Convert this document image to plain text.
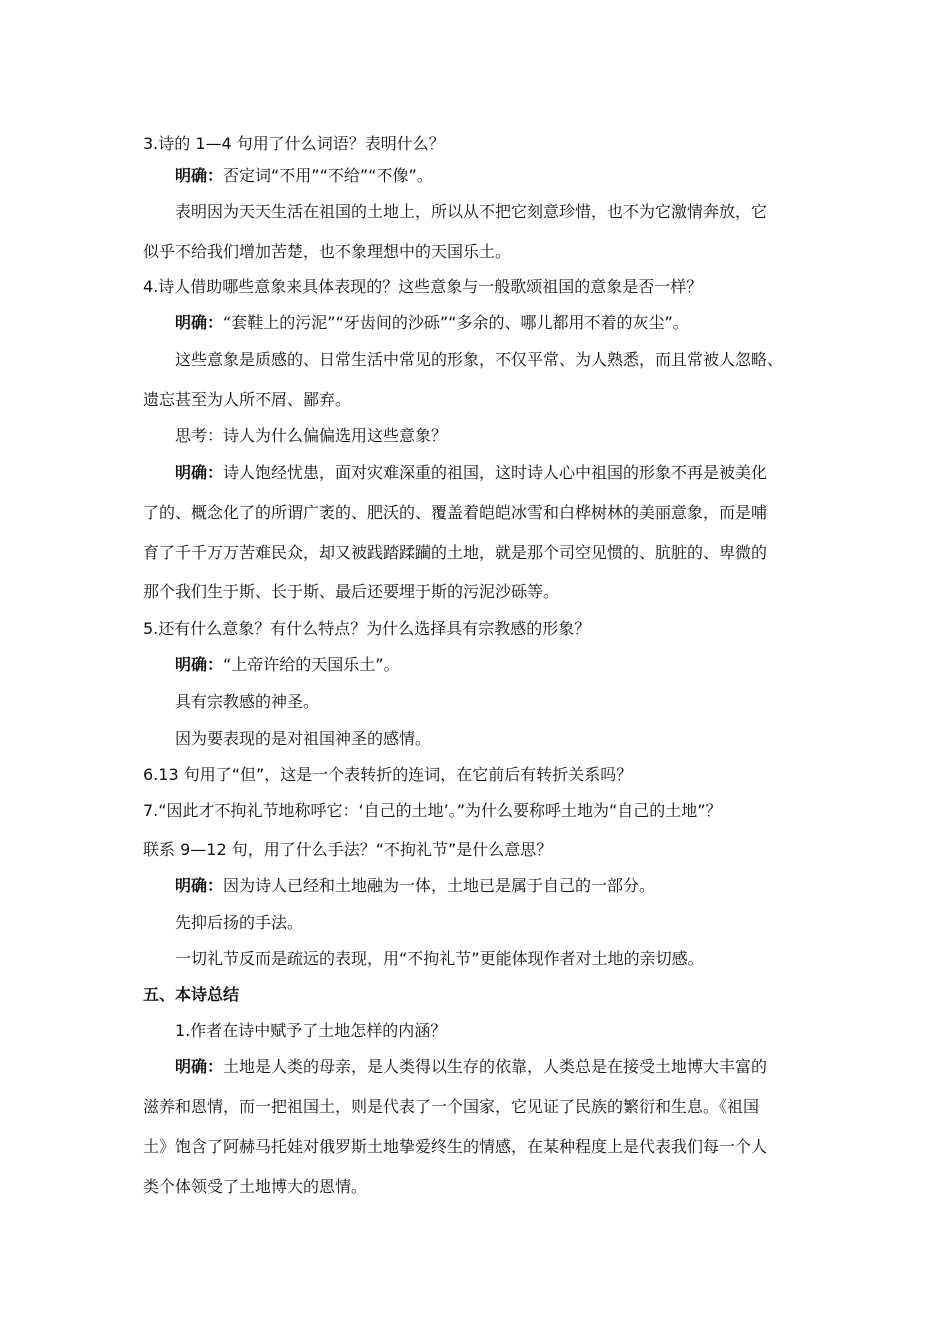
3.诗的 1—4 句用了什么词语？表明什么？
明确：否定词“不用”“不给”“不像”。
表明因为天天生活在祖国的土地上，所以从不把它刻意珍惜，也不为它激情奔放，它
似乎不给我们增加苦楚，也不象理想中的天国乐土。
4.诗人借助哪些意象来具体表现的？这些意象与一般歌颂祖国的意象是否一样？
明确：“套鞋上的污泥”“牙齿间的沙砾”“多余的、哪儿都用不着的灰尘”。
这些意象是质感的、日常生活中常见的形象，不仅平常、为人熟悉，而且常被人忽略、
遗忘甚至为人所不屑、鄙弃。
思考：诗人为什么偏偏选用这些意象？
明确：诗人饱经忧患，面对灾难深重的祖国，这时诗人心中祖国的形象不再是被美化
了的、概念化了的所谓广袤的、肥沃的、覆盖着皑皑冰雪和白桦树林的美丽意象，而是哺
育了千千万万苦难民众，却又被践踏蹂躏的土地，就是那个司空见惯的、肮脏的、卑微的
那个我们生于斯、长于斯、最后还要埋于斯的污泥沙砾等。
5.还有什么意象？有什么特点？为什么选择具有宗教感的形象？
明确：“上帝许给的天国乐土”。
具有宗教感的神圣。
因为要表现的是对祖国神圣的感情。
6.13 句用了“但”，这是一个表转折的连词，在它前后有转折关系吗？
7.“因此才不拘礼节地称呼它：‘自己的土地’。”为什么要称呼土地为“自己的土地”？
联系 9—12 句，用了什么手法？“不拘礼节”是什么意思？
明确：因为诗人已经和土地融为一体，土地已是属于自己的一部分。
先抑后扬的手法。
一切礼节反而是疏远的表现，用“不拘礼节”更能体现作者对土地的亲切感。
五、本诗总结
1.作者在诗中赋予了土地怎样的内涵？
明确：土地是人类的母亲，是人类得以生存的依靠，人类总是在接受土地博大丰富的
滋养和恩情，而一把祖国土，则是代表了一个国家，它见证了民族的繁衍和生息。《祖国
土》饱含了阿赫马托娃对俄罗斯土地挚爱终生的情感，在某种程度上是代表我们每一个人
类个体领受了土地博大的恩情。
